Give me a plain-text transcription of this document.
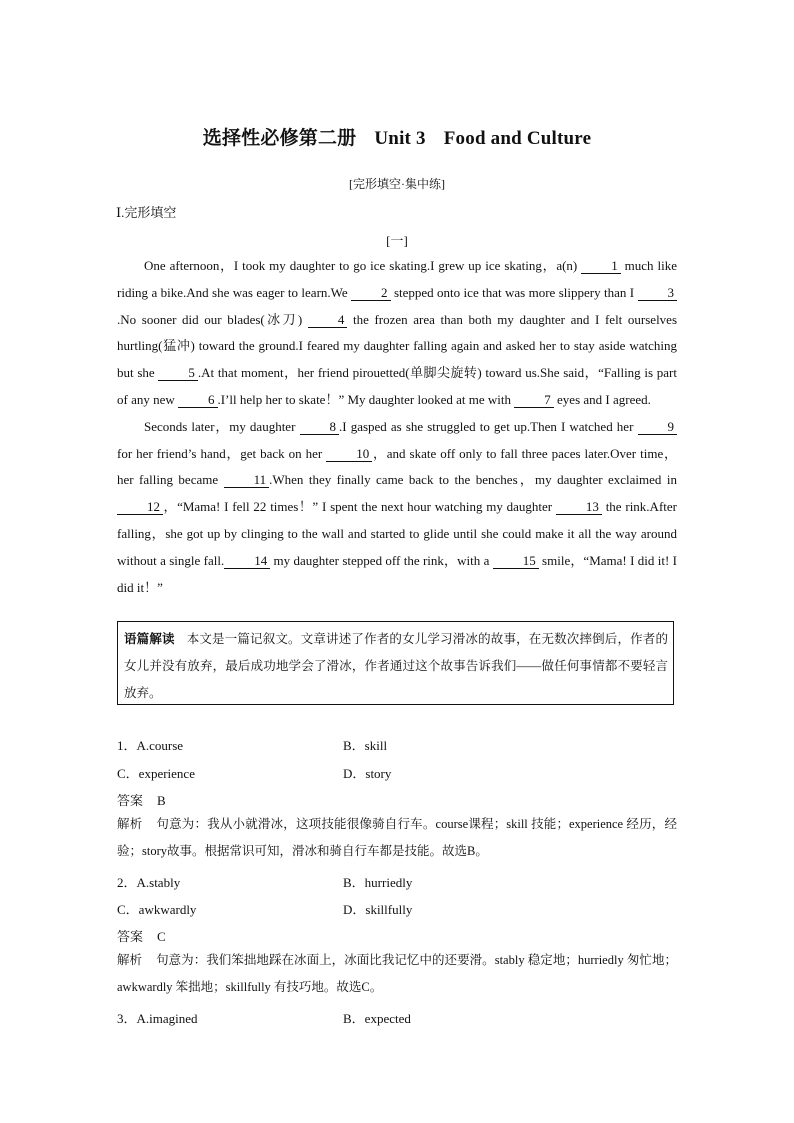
选择性必修第二册 Unit 3 Food and Culture
[完形填空·集中练]
Ⅰ.完形填空
[一]

One afternoon，I took my daughter to go ice skating.I grew up ice skating，a(n) 1 much like riding a bike.And she was eager to learn.We 2 stepped onto ice that was more slippery than I 3.No sooner did our blades(冰刀) 4 the frozen area than both my daughter and I felt ourselves hurtling(猛冲) toward the ground.I feared my daughter falling again and asked her to stay aside watching but she 5 .At that moment，her friend pirouetted(单脚尖旋转) toward us.She said，“Falling is part of any new 6 .I’ll help her to skate！” My daughter looked at me with 7 eyes and I agreed.

Seconds later，my daughter 8 .I gasped as she struggled to get up.Then I watched her 9 for her friend’s hand，get back on her 10 ，and skate off only to fall three paces later.Over time，her falling became 11 .When they finally came back to the benches，my daughter exclaimed in 12 ，“Mama! I fell 22 times！” I spent the next hour watching my daughter 13 the rink.After falling，she got up by clinging to the wall and started to glide until she could make it all the way around without a single fall. 14 my daughter stepped off the rink，with a 15 smile，“Mama! I did it! I did it！”

语篇解读 本文是一篇记叙文。文章讲述了作者的女儿学习滑冰的故事，在无数次摔倒后，作者的女儿并没有放弃，最后成功地学会了滑冰，作者通过这个故事告诉我们——做任何事情都不要轻言放弃。
1．A.course	B．skill
C．experience	D．story
答案 B
解析 句意为：我从小就滑冰，这项技能很像骑自行车。course课程；skill 技能；experience 经历，经验；story故事。根据常识可知，滑冰和骑自行车都是技能。故选B。
2．A.stably	B．hurriedly
C．awkwardly	D．skillfully
答案 C
解析 句意为：我们笨拙地踩在冰面上，冰面比我记忆中的还要滑。stably 稳定地；hurriedly 匆忙地；awkwardly 笨拙地；skillfully 有技巧地。故选C。
3．A.imagined	B．expected
